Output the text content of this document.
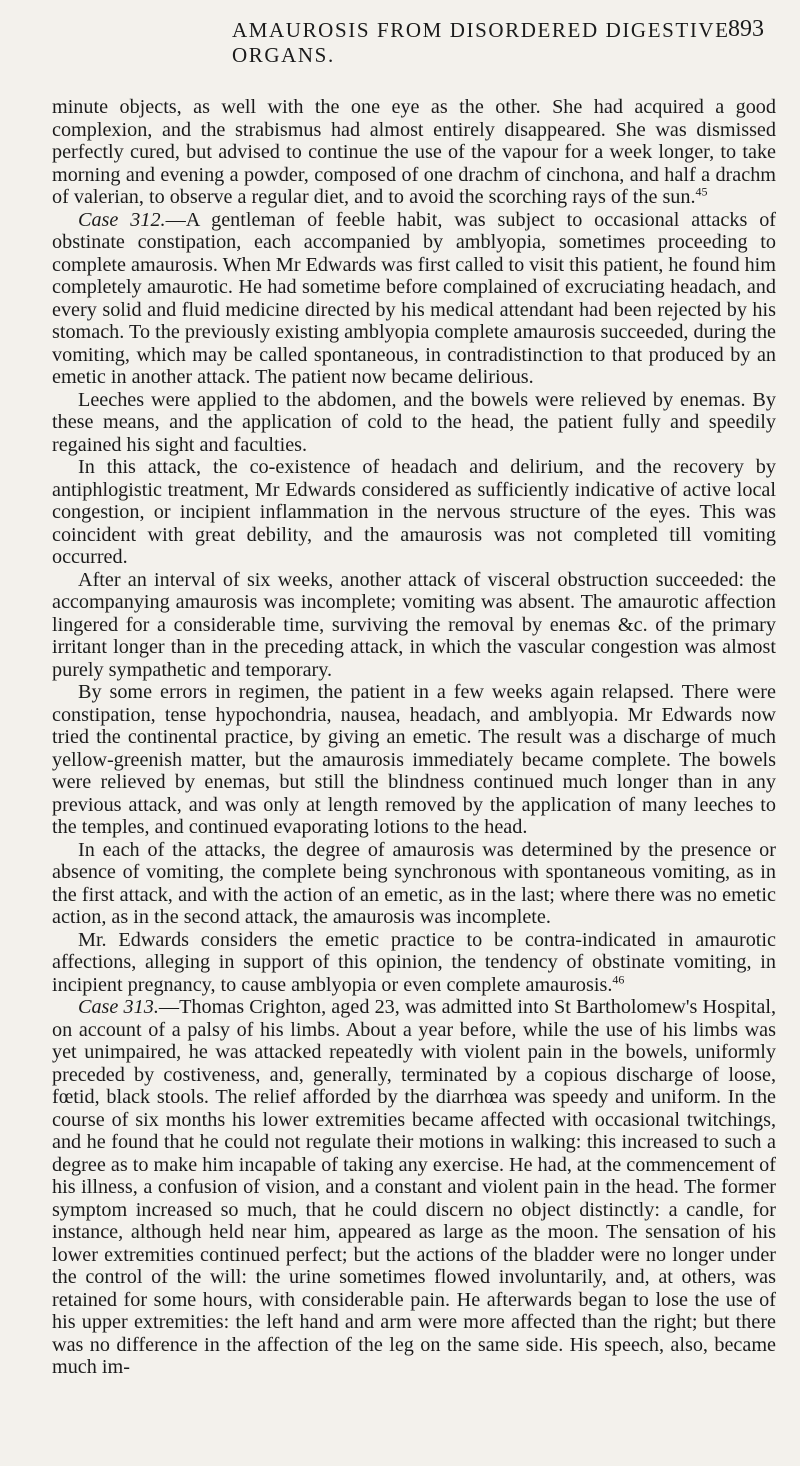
AMAUROSIS FROM DISORDERED DIGESTIVE ORGANS.
893

minute objects, as well with the one eye as the other. She had acquired a good complexion, and the strabismus had almost entirely disappeared. She was dismissed perfectly cured, but advised to continue the use of the vapour for a week longer, to take morning and evening a powder, composed of one drachm of cinchona, and half a drachm of valerian, to observe a regular diet, and to avoid the scorching rays of the sun.$^{45}$

Case 312.—A gentleman of feeble habit, was subject to occasional attacks of obstinate constipation, each accompanied by amblyopia, sometimes proceeding to complete amaurosis. When Mr Edwards was first called to visit this patient, he found him completely amaurotic. He had sometime before complained of excruciating headach, and every solid and fluid medicine directed by his medical attendant had been rejected by his stomach. To the previously existing amblyopia complete amaurosis succeeded, during the vomiting, which may be called spontaneous, in contradistinction to that produced by an emetic in another attack. The patient now became delirious.

Leeches were applied to the abdomen, and the bowels were relieved by enemas. By these means, and the application of cold to the head, the patient fully and speedily regained his sight and faculties.

In this attack, the co-existence of headach and delirium, and the recovery by antiphlogistic treatment, Mr Edwards considered as sufficiently indicative of active local congestion, or incipient inflammation in the nervous structure of the eyes. This was coincident with great debility, and the amaurosis was not completed till vomiting occurred.

After an interval of six weeks, another attack of visceral obstruction succeeded: the accompanying amaurosis was incomplete; vomiting was absent. The amaurotic affection lingered for a considerable time, surviving the removal by enemas &c. of the primary irritant longer than in the preceding attack, in which the vascular congestion was almost purely sympathetic and temporary.

By some errors in regimen, the patient in a few weeks again relapsed. There were constipation, tense hypochondria, nausea, headach, and amblyopia. Mr Edwards now tried the continental practice, by giving an emetic. The result was a discharge of much yellow-greenish matter, but the amaurosis immediately became complete. The bowels were relieved by enemas, but still the blindness continued much longer than in any previous attack, and was only at length removed by the application of many leeches to the temples, and continued evaporating lotions to the head.

In each of the attacks, the degree of amaurosis was determined by the presence or absence of vomiting, the complete being synchronous with spontaneous vomiting, as in the first attack, and with the action of an emetic, as in the last; where there was no emetic action, as in the second attack, the amaurosis was incomplete.

Mr. Edwards considers the emetic practice to be contra-indicated in amaurotic affections, alleging in support of this opinion, the tendency of obstinate vomiting, in incipient pregnancy, to cause amblyopia or even complete amaurosis.$^{46}$

Case 313.—Thomas Crighton, aged 23, was admitted into St Bartholomew's Hospital, on account of a palsy of his limbs. About a year before, while the use of his limbs was yet unimpaired, he was attacked repeatedly with violent pain in the bowels, uniformly preceded by costiveness, and, generally, terminated by a copious discharge of loose, fœtid, black stools. The relief afforded by the diarrhœa was speedy and uniform. In the course of six months his lower extremities became affected with occasional twitchings, and he found that he could not regulate their motions in walking: this increased to such a degree as to make him incapable of taking any exercise. He had, at the commencement of his illness, a confusion of vision, and a constant and violent pain in the head. The former symptom increased so much, that he could discern no object distinctly: a candle, for instance, although held near him, appeared as large as the moon. The sensation of his lower extremities continued perfect; but the actions of the bladder were no longer under the control of the will: the urine sometimes flowed involuntarily, and, at others, was retained for some hours, with considerable pain. He afterwards began to lose the use of his upper extremities: the left hand and arm were more affected than the right; but there was no difference in the affection of the leg on the same side. His speech, also, became much im-
